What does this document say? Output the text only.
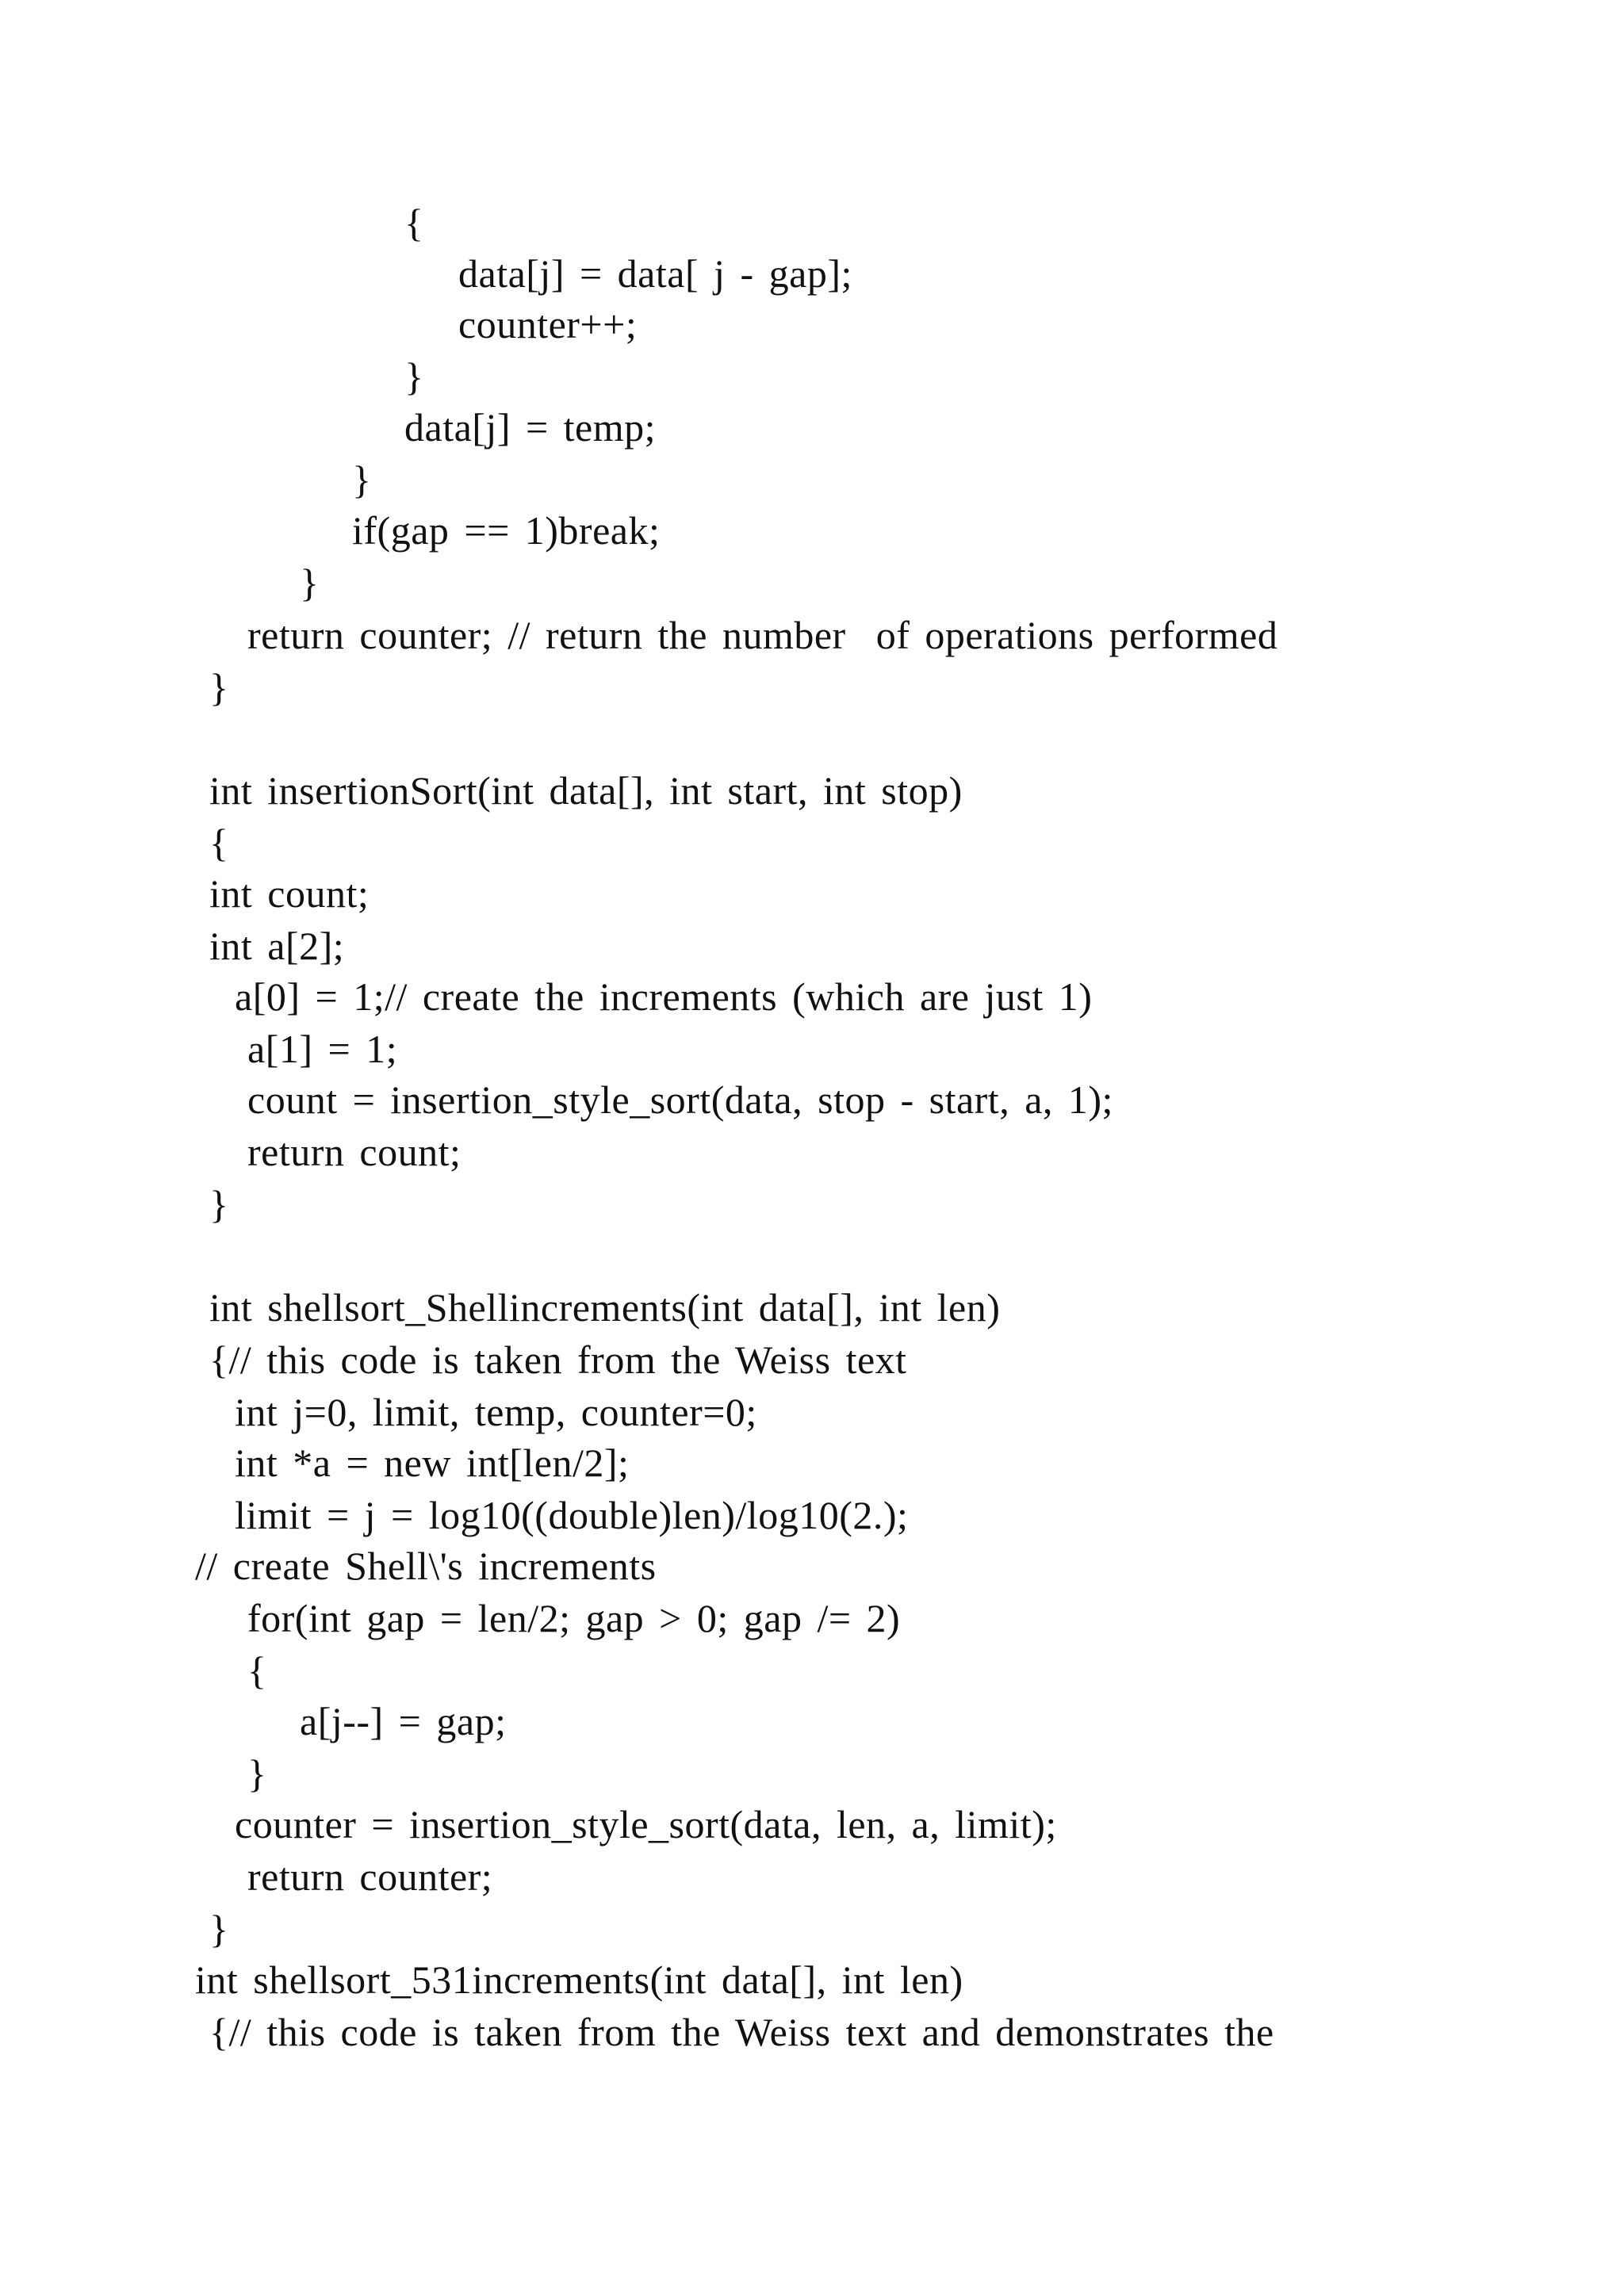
{
data[j] = data[ j - gap];
counter++;
}
data[j] = temp;
}
if(gap == 1)break;
}
return counter; // return the number  of operations performed
}
int insertionSort(int data[], int start, int stop)
{
int count;
int a[2];
a[0] = 1;// create the increments (which are just 1)
a[1] = 1;
count = insertion_style_sort(data, stop - start, a, 1);
return count;
}
int shellsort_Shellincrements(int data[], int len)
{// this code is taken from the Weiss text
int j=0, limit, temp, counter=0;
int *a = new int[len/2];
limit = j = log10((double)len)/log10(2.);
// create Shell\'s increments
for(int gap = len/2; gap > 0; gap /= 2)
{
a[j--] = gap;
}
counter = insertion_style_sort(data, len, a, limit);
return counter;
}
int shellsort_531increments(int data[], int len)
{// this code is taken from the Weiss text and demonstrates the
